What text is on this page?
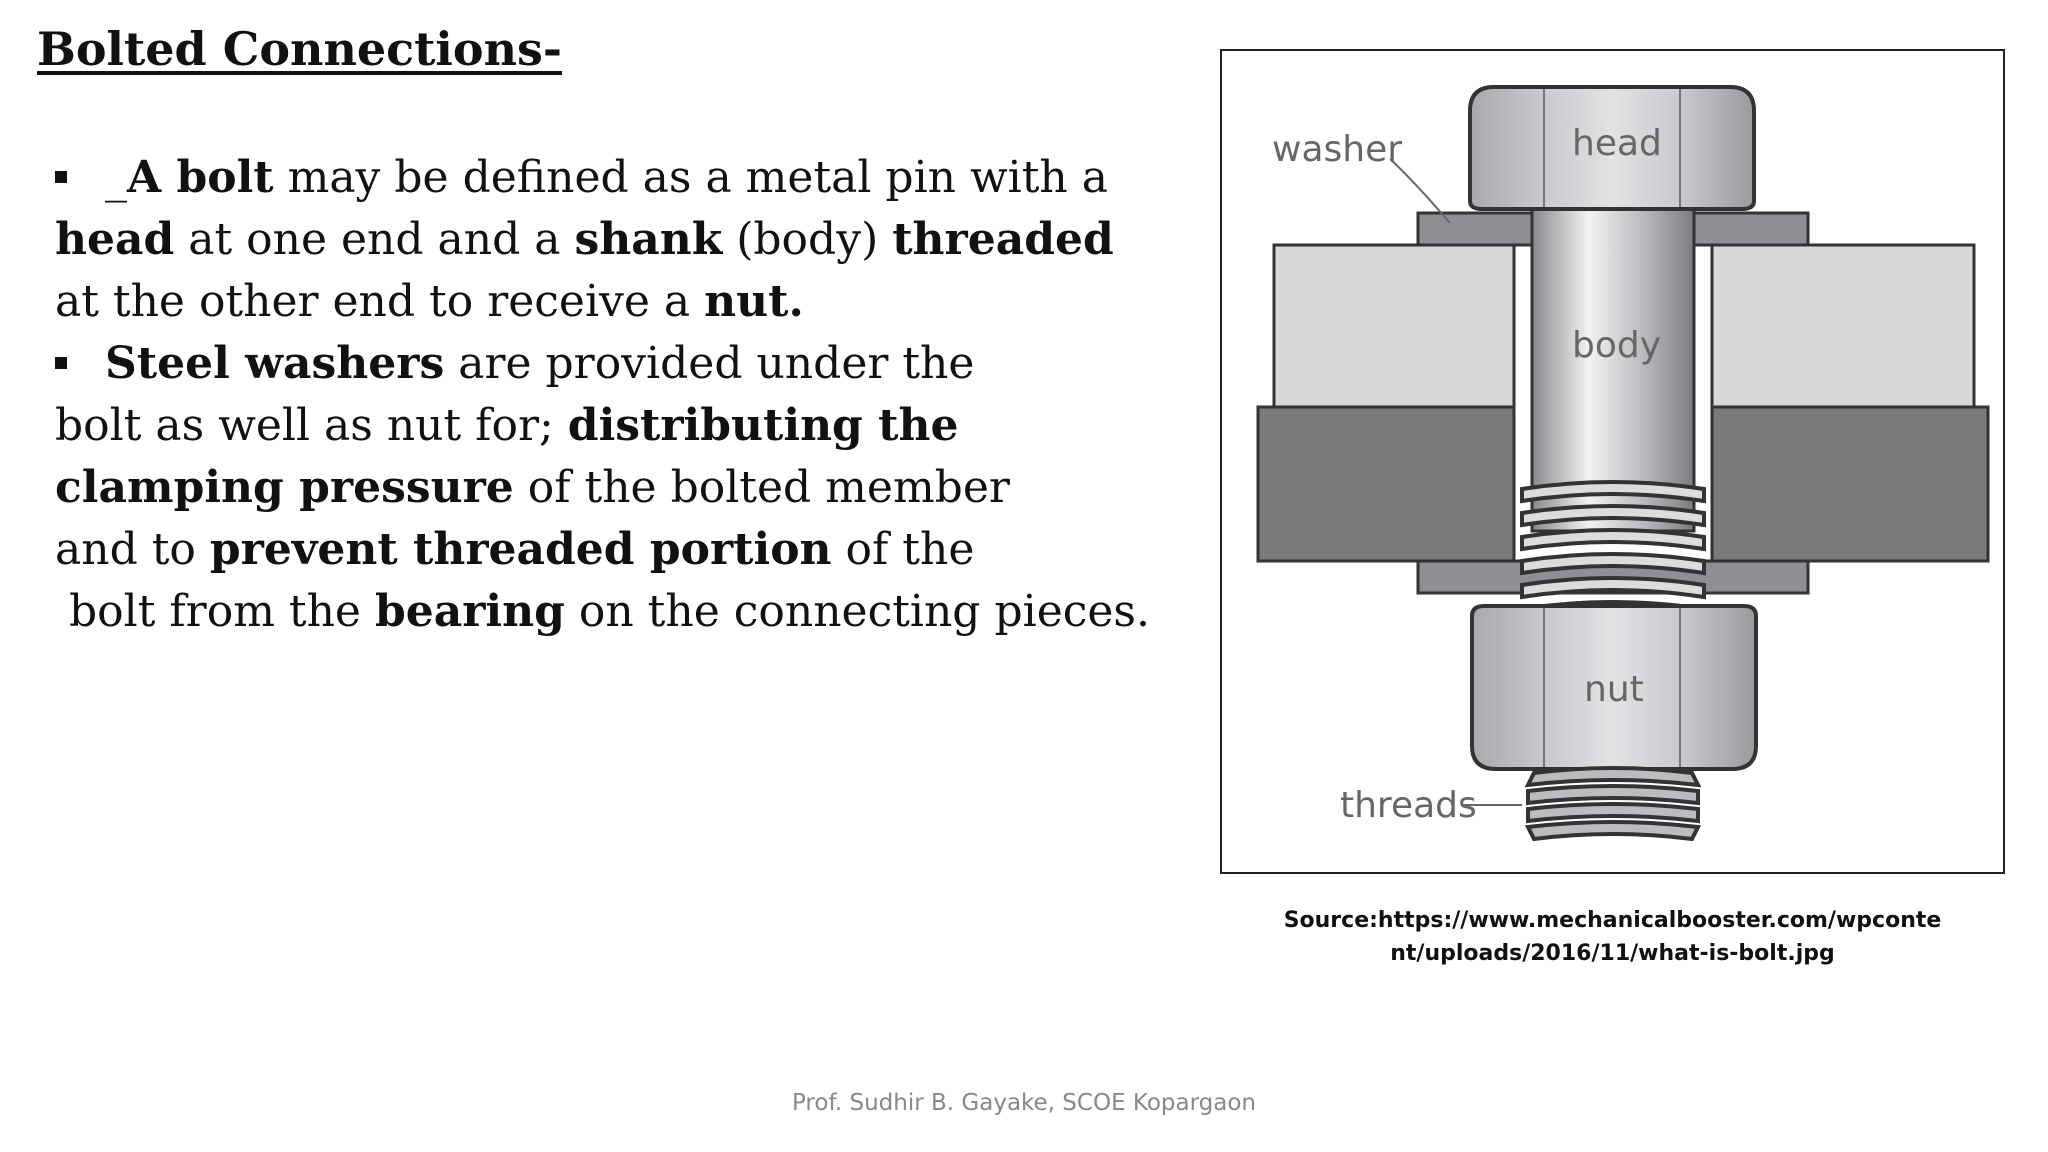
Bolted Connections-
_A bolt may be defined as a metal pin with a
head at one end and a shank (body) threaded
at the other end to receive a nut.
Steel washers are provided under the
bolt as well as nut for; distributing the
clamping pressure of the bolted member
and to prevent threaded portion of the
bolt from the bearing on the connecting pieces.
washer	head
body
nut
threads
Source:https://www.mechanicalbooster.com/wpconte
nt/uploads/2016/11/what-is-bolt.jpg
Prof. Sudhir B. Gayake, SCOE Kopargaon
